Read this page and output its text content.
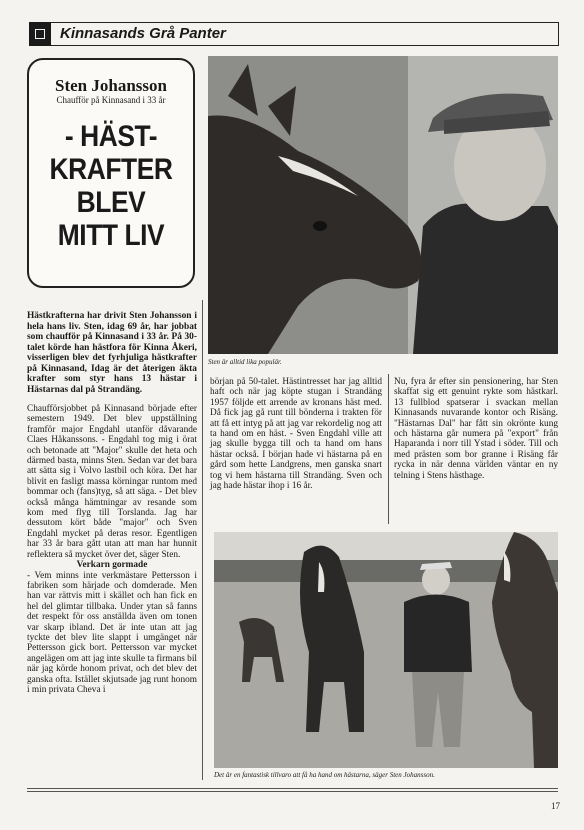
Kinnasands Grå Panter
Sten Johansson
Chaufför på Kinnasand i 33 år
- HÄST-
KRAFTER
BLEV
MITT LIV
Sten är alltid lika populär.
Hästkrafterna har drivit Sten Johansson i hela hans liv. Sten, idag 69 år, har jobbat som chaufför på Kinnasand i 33 år. På 30-talet körde han hästfora för Kinna Åkeri, visserligen blev det fyrhjuliga hästkrafter på Kinnasand, Idag är det återigen äkta krafter som styr hans 13 hästar i Hästarnas dal på Strandäng.
Chaufförsjobbet på Kinnasand började efter semestern 1949. Det blev uppställning framför major Engdahl utanför dåvarande Claes Håkanssons. - Engdahl tog mig i örat och betonade att "Major" skulle det heta och därmed basta, minns Sten. Sedan var det bara att sätta sig i Volvo lastbil och köra. Det har blivit en fasligt massa körningar runtom med bommar och (fans)tyg, så att säga. - Det blev också många hämtningar av resande som kom med flyg till Torslanda. Jag har dessutom kört både "major" och Sven Engdahl mycket på deras resor. Egentligen har 33 år bara gått utan att man har hunnit reflektera så mycket över det, säger Sten.
Verkarn gormade
- Vem minns inte verkmästare Pettersson i fabriken som härjade och domderade. Men han var rättvis mitt i skället och han fick en hel del glimtar tillbaka. Under ytan så fanns det respekt för oss anställda även om tonen var skarp ibland. Det är inte utan att jag tyckte det blev lite slappt i umgänget när Pettersson gick bort. Pettersson var mycket angelägen om att jag inte skulle ta firmans bil när jag körde honom privat, och det blev det ganska ofta. Istället skjutsade jag runt honom i min privata Cheva i
början på 50-talet. Hästintresset har jag alltid haft och när jag köpte stugan i Strandäng 1957 följde ett arrende av kronans häst med. Då fick jag gå runt till bönderna i trakten för att få ett intyg på att jag var rekordelig nog att ta hand om en häst. - Sven Engdahl ville att jag skulle bygga till och ta hand om hans hästar också. I början hade vi hästarna på en gård som hette Landgrens, men ganska snart tog vi hem hästarna till Strandäng. Sven och jag hade hästar ihop i 16 år.
Nu, fyra år efter sin pensionering, har Sten skaffat sig ett genuint rykte som hästkarl. 13 fullblod spatserar i svackan mellan Kinnasands nuvarande kontor och Risäng. "Hästarnas Dal" har fått sin okrönte kung och hästarna går numera på "export" från Haparanda i norr till Ystad i söder. Till och med prästen som bor granne i Risäng får rycka in när denna världen väntar en ny telning i Stens hästhage.
Det är en fantastisk tillvaro att få ha hand om hästarna, säger Sten Johansson.
17
